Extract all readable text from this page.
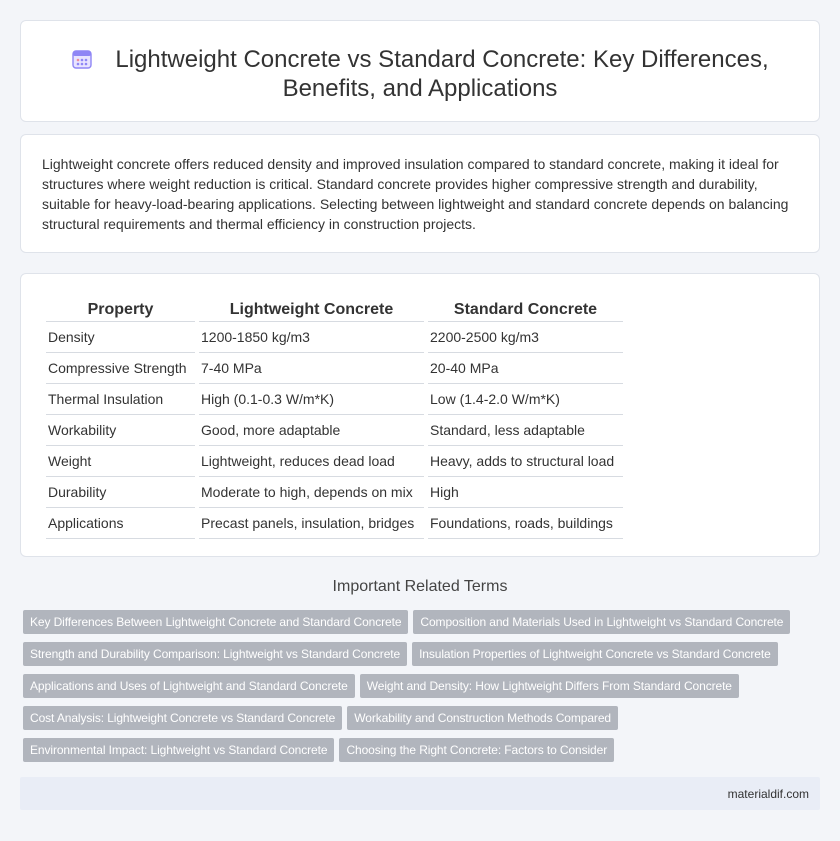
Lightweight Concrete vs Standard Concrete: Key Differences,
Benefits, and Applications

Lightweight concrete offers reduced density and improved insulation compared to standard concrete, making it ideal for structures where weight reduction is critical. Standard concrete provides higher compressive strength and durability, suitable for heavy-load-bearing applications. Selecting between lightweight and standard concrete depends on balancing structural requirements and thermal efficiency in construction projects.

Property	Lightweight Concrete	Standard Concrete
Density	1200-1850 kg/m3	2200-2500 kg/m3
Compressive Strength	7-40 MPa	20-40 MPa
Thermal Insulation	High (0.1-0.3 W/m*K)	Low (1.4-2.0 W/m*K)
Workability	Good, more adaptable	Standard, less adaptable
Weight	Lightweight, reduces dead load	Heavy, adds to structural load
Durability	Moderate to high, depends on mix	High
Applications	Precast panels, insulation, bridges	Foundations, roads, buildings
Important Related Terms
Key Differences Between Lightweight Concrete and Standard Concrete Composition and Materials Used in Lightweight vs Standard Concrete
Strength and Durability Comparison: Lightweight vs Standard Concrete Insulation Properties of Lightweight Concrete vs Standard Concrete
Applications and Uses of Lightweight and Standard Concrete Weight and Density: How Lightweight Differs From Standard Concrete
Cost Analysis: Lightweight Concrete vs Standard Concrete Workability and Construction Methods Compared
Environmental Impact: Lightweight vs Standard Concrete Choosing the Right Concrete: Factors to Consider
materialdif.com
